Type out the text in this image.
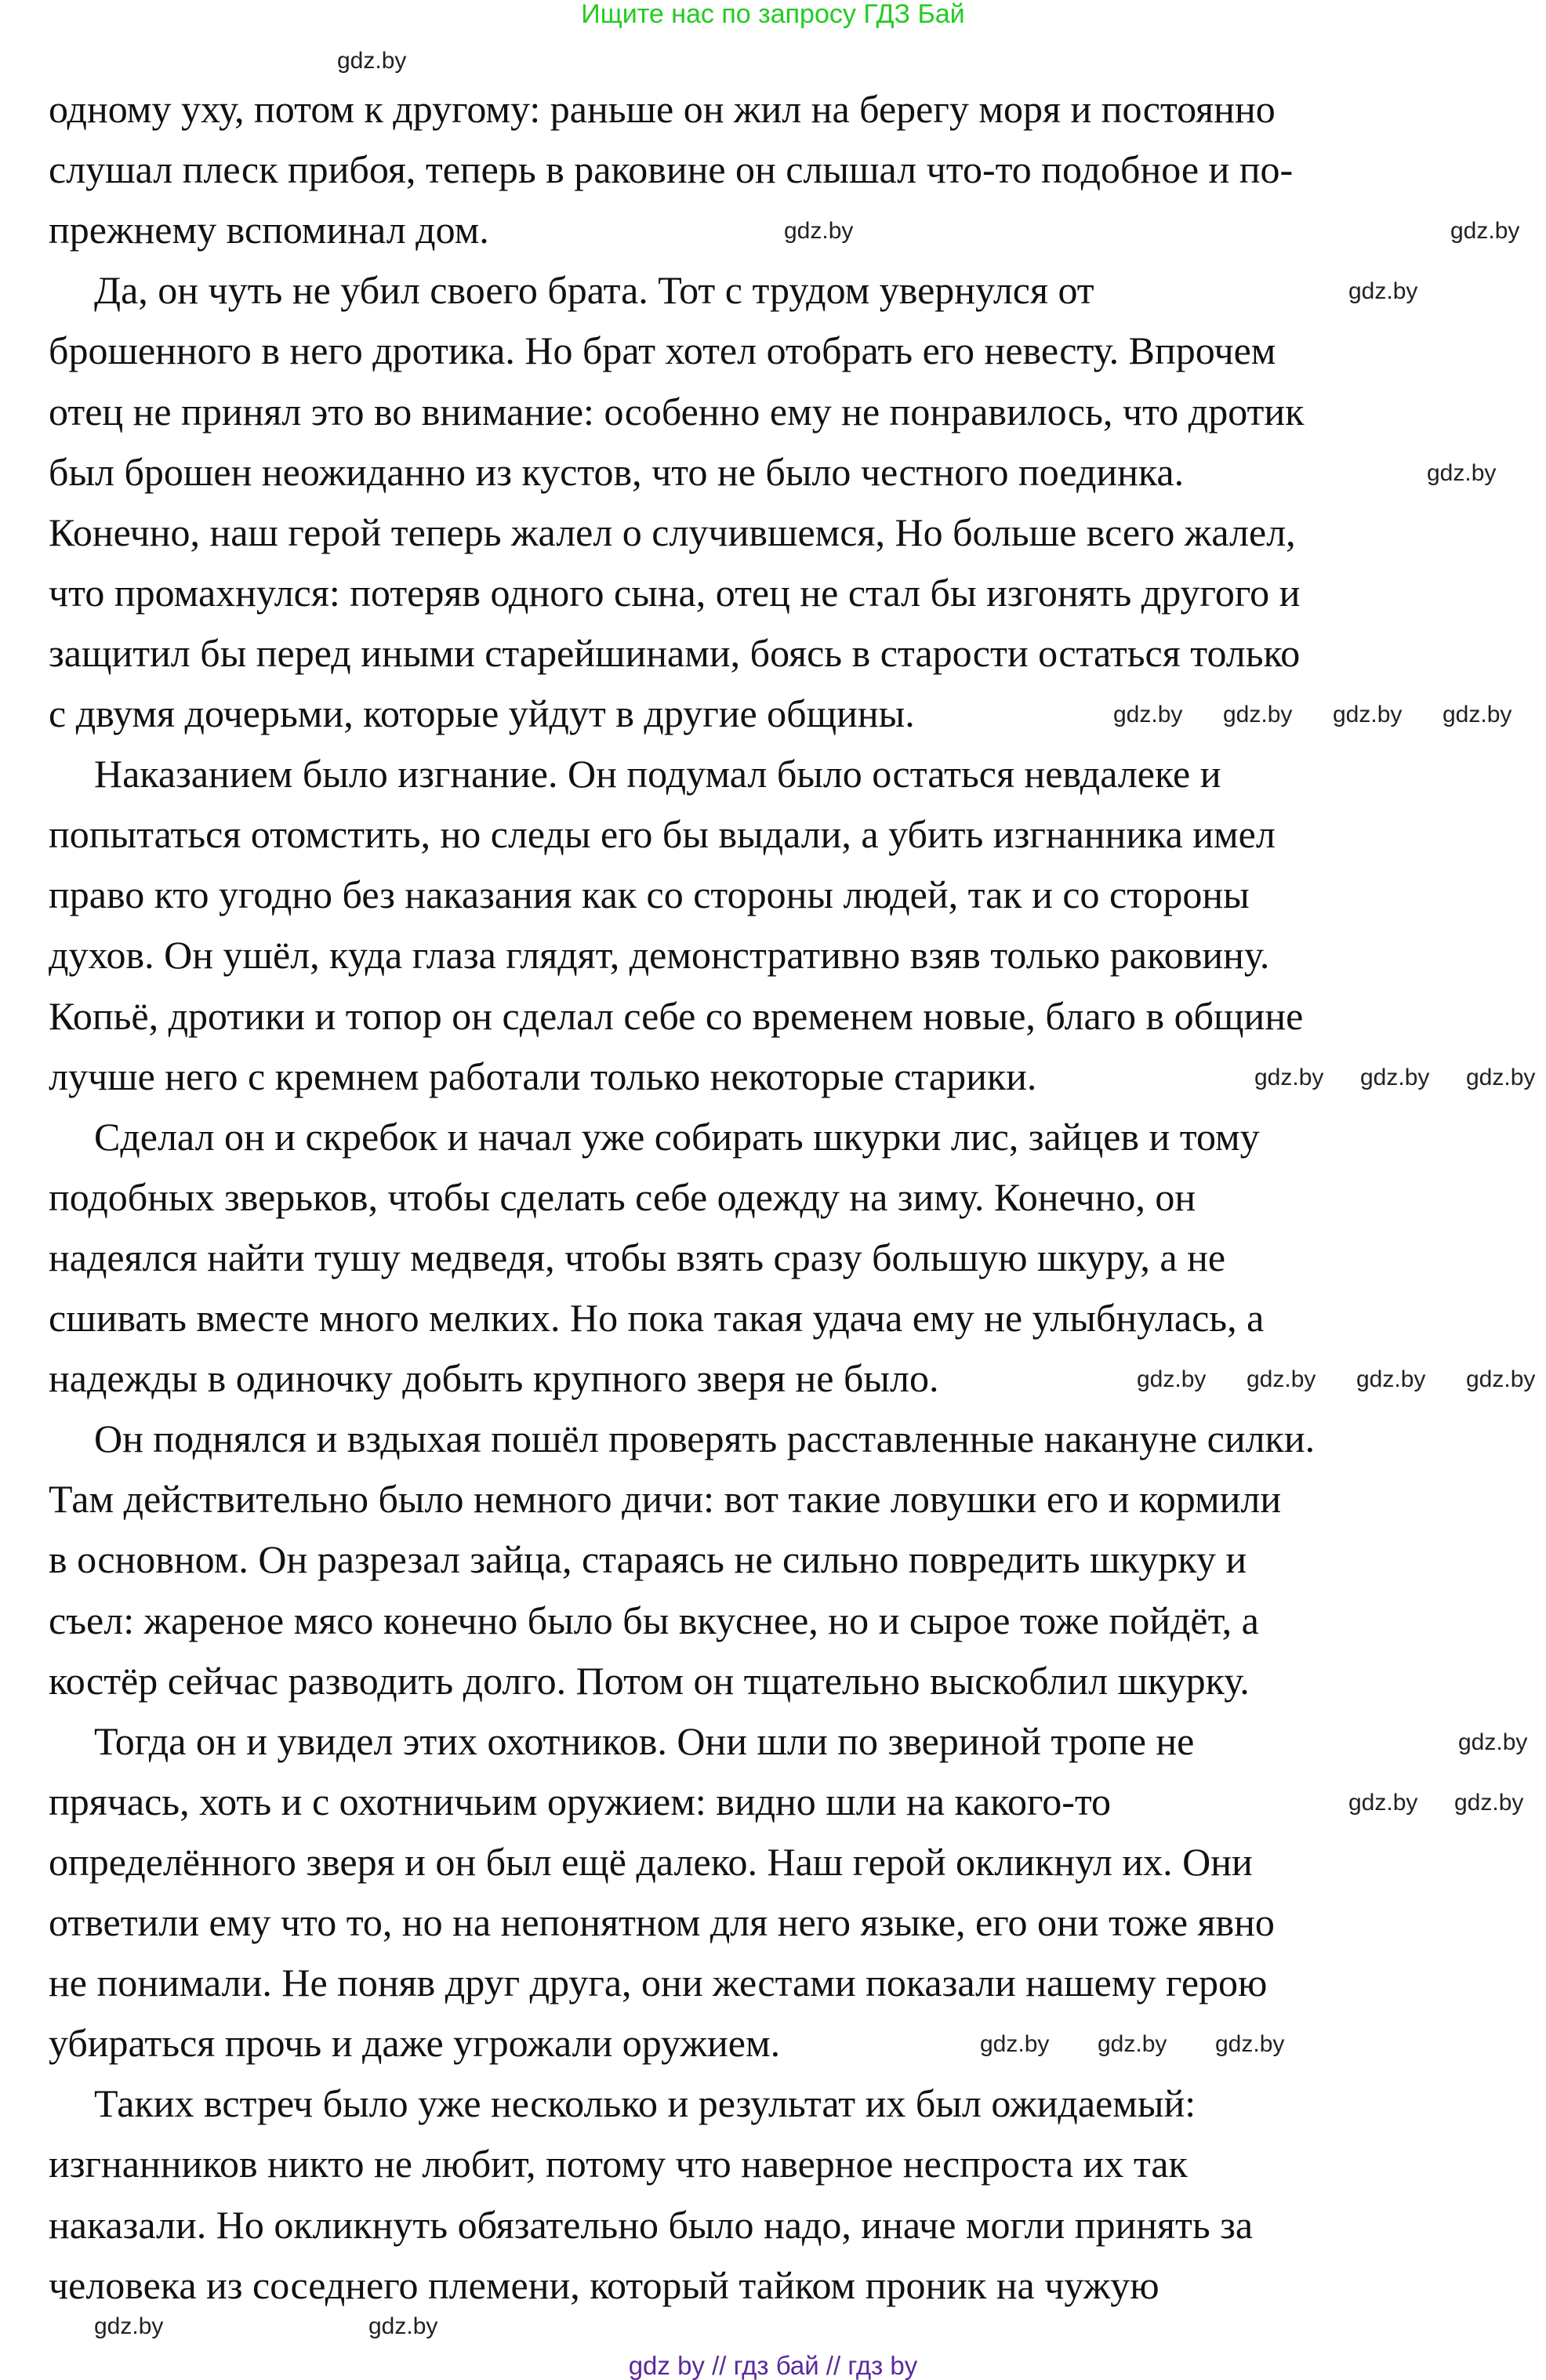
Ищите нас по запросу ГДЗ Бай
одному уху, потом к другому: раньше он жил на берегу моря и постоянно
слушал плеск прибоя, теперь в раковине он слышал что-то подобное и по-
прежнему вспоминал дом.
Да, он чуть не убил своего брата. Тот с трудом увернулся от
брошенного в него дротика. Но брат хотел отобрать его невесту. Впрочем
отец не принял это во внимание: особенно ему не понравилось, что дротик
был брошен неожиданно из кустов, что не было честного поединка.
Конечно, наш герой теперь жалел о случившемся, Но больше всего жалел,
что промахнулся: потеряв одного сына, отец не стал бы изгонять другого и
защитил бы перед иными старейшинами, боясь в старости остаться только
с двумя дочерьми, которые уйдут в другие общины.
Наказанием было изгнание. Он подумал было остаться невдалеке и
попытаться отомстить, но следы его бы выдали, а убить изгнанника имел
право кто угодно без наказания как со стороны людей, так и со стороны
духов. Он ушёл, куда глаза глядят, демонстративно взяв только раковину.
Копьё, дротики и топор он сделал себе со временем новые, благо в общине
лучше него с кремнем работали только некоторые старики.
Сделал он и скребок и начал уже собирать шкурки лис, зайцев и тому
подобных зверьков, чтобы сделать себе одежду на зиму. Конечно, он
надеялся найти тушу медведя, чтобы взять сразу большую шкуру, а не
сшивать вместе много мелких. Но пока такая удача ему не улыбнулась, а
надежды в одиночку добыть крупного зверя не было.
Он поднялся и вздыхая пошёл проверять расставленные накануне силки.
Там действительно было немного дичи: вот такие ловушки его и кормили
в основном. Он разрезал зайца, стараясь не сильно повредить шкурку и
съел: жареное мясо конечно было бы вкуснее, но и сырое тоже пойдёт, а
костёр сейчас разводить долго. Потом он тщательно выскоблил шкурку.
Тогда он и увидел этих охотников. Они шли по звериной тропе не
прячась, хоть и с охотничьим оружием: видно шли на какого-то
определённого зверя и он был ещё далеко. Наш герой окликнул их. Они
ответили ему что то, но на непонятном для него языке, его они тоже явно
не понимали. Не поняв друг друга, они жестами показали нашему герою
убираться прочь и даже угрожали оружием.
Таких встреч было уже несколько и результат их был ожидаемый:
изгнанников никто не любит, потому что наверное неспроста их так
наказали. Но окликнуть обязательно было надо, иначе могли принять за
человека из соседнего племени, который тайком проник на чужую
gdz.by
gdz.by	gdz.by
gdz.by
gdz.by
gdz.by gdz.by gdz.by gdz.by
gdz.by gdz.by gdz.by
gdz.by gdz.by gdz.by gdz.by
gdz.by
gdz.by gdz.by
gdz.by gdz.by gdz.by
gdz.by
gdz.by
gdz by // гдз бай // гдз by
